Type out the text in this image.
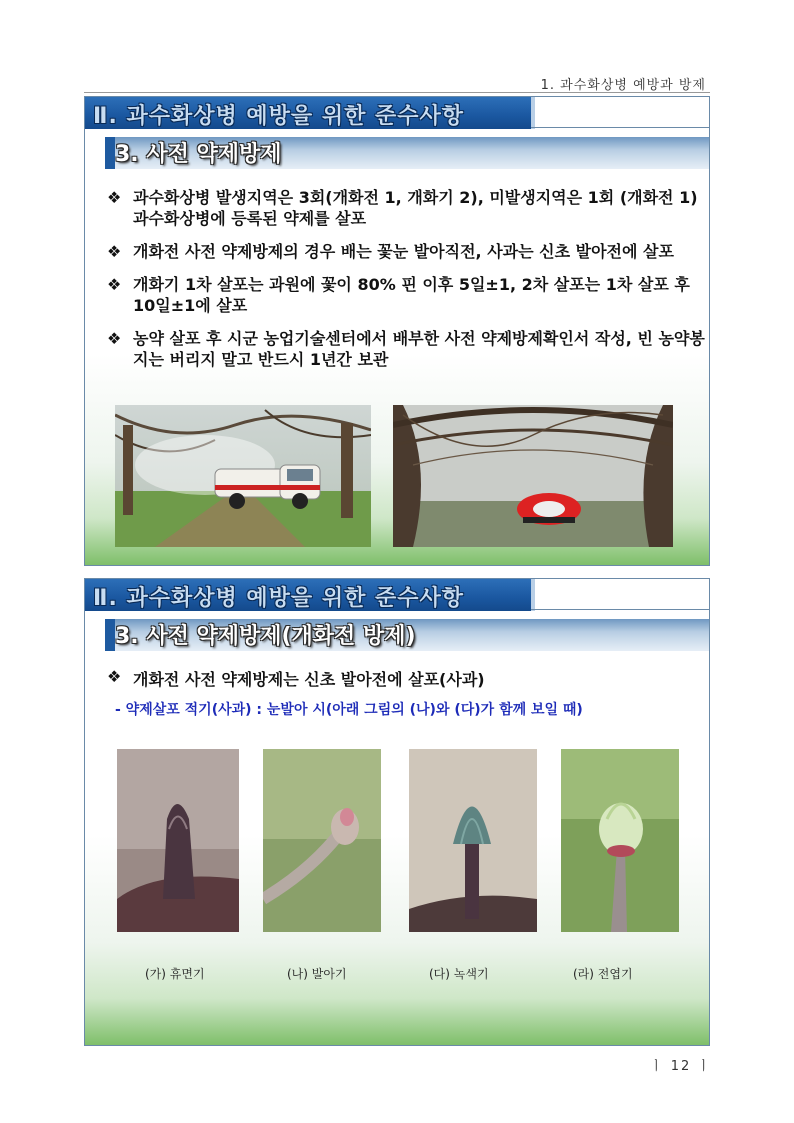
1. 과수화상병 예방과 방제
Ⅱ. 과수화상병 예방을 위한 준수사항
3. 사전 약제방제
❖ 과수화상병 발생지역은 3회(개화전 1, 개화기 2), 미발생지역은 1회 (개화전 1) 과수화상병에 등록된 약제를 살포
❖ 개화전 사전 약제방제의 경우 배는 꽃눈 발아직전, 사과는 신초 발아전에 살포
❖ 개화기 1차 살포는 과원에 꽃이 80% 핀 이후 5일±1, 2차 살포는 1차 살포 후 10일±1에 살포
❖ 농약 살포 후 시군 농업기술센터에서 배부한 사전 약제방제확인서 작성, 빈 농약봉지는 버리지 말고 반드시 1년간 보관
Ⅱ. 과수화상병 예방을 위한 준수사항
3. 사전 약제방제(개화전 방제)
❖ 개화전 사전 약제방제는 신초 발아전에 살포(사과)
- 약제살포 적기(사과) : 눈발아 시(아래 그림의 (나)와 (다)가 함께 보일 때)
(가) 휴면기	(나) 발아기	(다) 녹색기	(라) 전엽기
ㅣ 12 ㅣ
